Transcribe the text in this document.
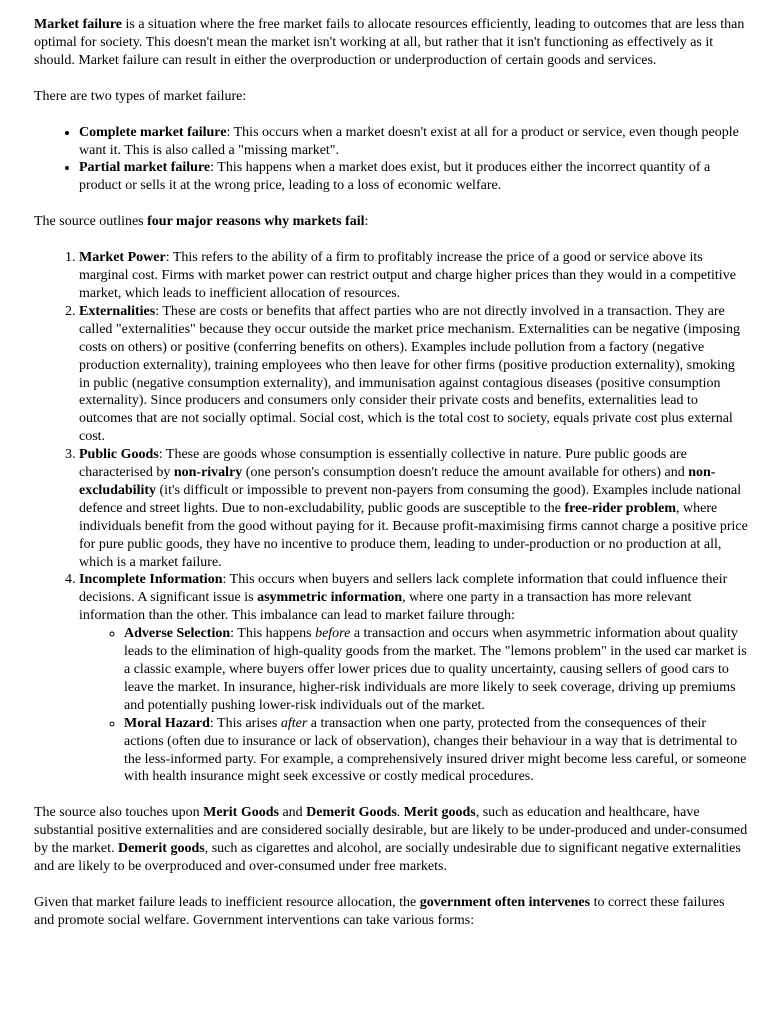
Market failure is a situation where the free market fails to allocate resources efficiently, leading to outcomes that are less than optimal for society. This doesn't mean the market isn't working at all, but rather that it isn't functioning as effectively as it should. Market failure can result in either the overproduction or underproduction of certain goods and services.

There are two types of market failure:

• Complete market failure: This occurs when a market doesn't exist at all for a product or service, even though people want it. This is also called a "missing market".
• Partial market failure: This happens when a market does exist, but it produces either the incorrect quantity of a product or sells it at the wrong price, leading to a loss of economic welfare.

The source outlines four major reasons why markets fail:

1. Market Power: This refers to the ability of a firm to profitably increase the price of a good or service above its marginal cost. Firms with market power can restrict output and charge higher prices than they would in a competitive market, which leads to inefficient allocation of resources.
2. Externalities: These are costs or benefits that affect parties who are not directly involved in a transaction. They are called "externalities" because they occur outside the market price mechanism. Externalities can be negative (imposing costs on others) or positive (conferring benefits on others). Examples include pollution from a factory (negative production externality), training employees who then leave for other firms (positive production externality), smoking in public (negative consumption externality), and immunisation against contagious diseases (positive consumption externality). Since producers and consumers only consider their private costs and benefits, externalities lead to outcomes that are not socially optimal. Social cost, which is the total cost to society, equals private cost plus external cost.
3. Public Goods: These are goods whose consumption is essentially collective in nature. Pure public goods are characterised by non-rivalry (one person's consumption doesn't reduce the amount available for others) and non-excludability (it's difficult or impossible to prevent non-payers from consuming the good). Examples include national defence and street lights. Due to non-excludability, public goods are susceptible to the free-rider problem, where individuals benefit from the good without paying for it. Because profit-maximising firms cannot charge a positive price for pure public goods, they have no incentive to produce them, leading to under-production or no production at all, which is a market failure.
4. Incomplete Information: This occurs when buyers and sellers lack complete information that could influence their decisions. A significant issue is asymmetric information, where one party in a transaction has more relevant information than the other. This imbalance can lead to market failure through:
◦ Adverse Selection: This happens before a transaction and occurs when asymmetric information about quality leads to the elimination of high-quality goods from the market. The "lemons problem" in the used car market is a classic example, where buyers offer lower prices due to quality uncertainty, causing sellers of good cars to leave the market. In insurance, higher-risk individuals are more likely to seek coverage, driving up premiums and potentially pushing lower-risk individuals out of the market.
◦ Moral Hazard: This arises after a transaction when one party, protected from the consequences of their actions (often due to insurance or lack of observation), changes their behaviour in a way that is detrimental to the less-informed party. For example, a comprehensively insured driver might become less careful, or someone with health insurance might seek excessive or costly medical procedures.

The source also touches upon Merit Goods and Demerit Goods. Merit goods, such as education and healthcare, have substantial positive externalities and are considered socially desirable, but are likely to be under-produced and under-consumed by the market. Demerit goods, such as cigarettes and alcohol, are socially undesirable due to significant negative externalities and are likely to be overproduced and over-consumed under free markets.

Given that market failure leads to inefficient resource allocation, the government often intervenes to correct these failures and promote social welfare. Government interventions can take various forms:
